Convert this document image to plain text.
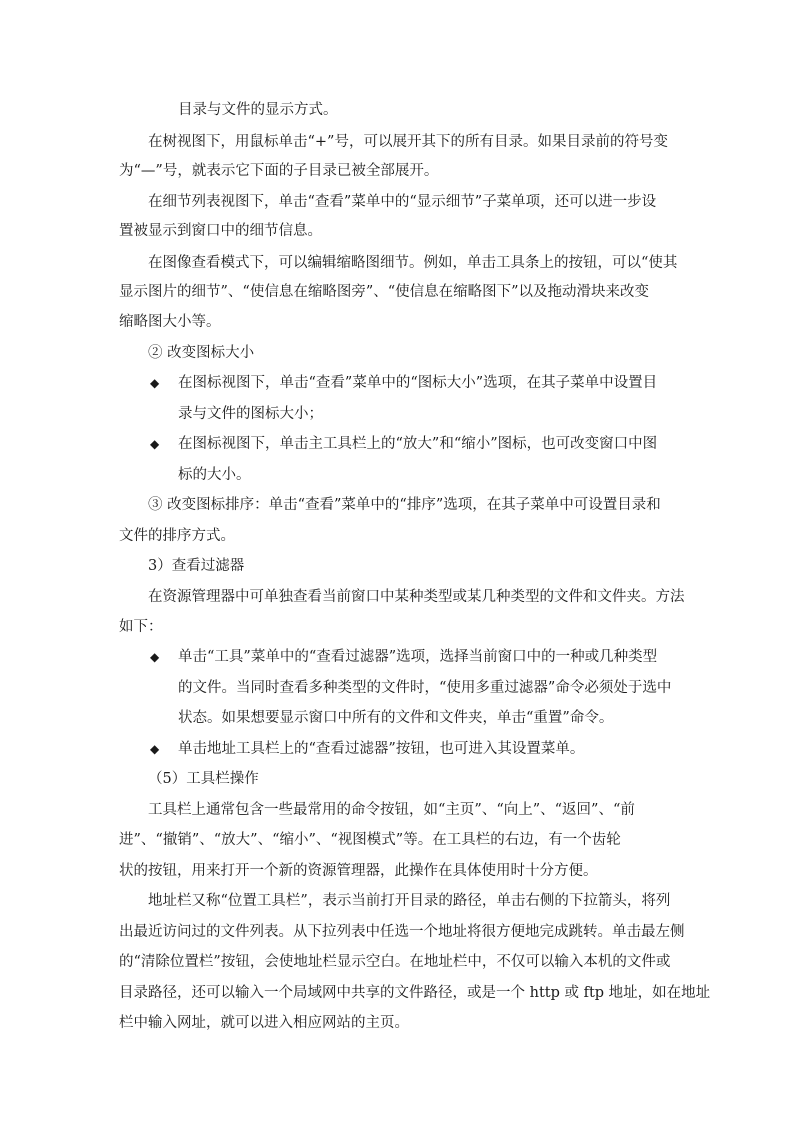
目录与文件的显示方式。
在树视图下，用鼠标单击“+”号，可以展开其下的所有目录。如果目录前的符号变
为“—”号，就表示它下面的子目录已被全部展开。
在细节列表视图下，单击“查看”菜单中的“显示细节”子菜单项，还可以进一步设
置被显示到窗口中的细节信息。
在图像查看模式下，可以编辑缩略图细节。例如，单击工具条上的按钮，可以“使其
显示图片的细节”、“使信息在缩略图旁”、“使信息在缩略图下”以及拖动滑块来改变
缩略图大小等。
② 改变图标大小
◆ 在图标视图下，单击“查看”菜单中的“图标大小”选项，在其子菜单中设置目
录与文件的图标大小；
◆ 在图标视图下，单击主工具栏上的“放大”和“缩小”图标，也可改变窗口中图
标的大小。
③ 改变图标排序：单击“查看”菜单中的“排序”选项，在其子菜单中可设置目录和
文件的排序方式。
3）查看过滤器
在资源管理器中可单独查看当前窗口中某种类型或某几种类型的文件和文件夹。方法
如下：
◆ 单击“工具”菜单中的“查看过滤器”选项，选择当前窗口中的一种或几种类型
的文件。当同时查看多种类型的文件时，“使用多重过滤器”命令必须处于选中
状态。如果想要显示窗口中所有的文件和文件夹，单击“重置”命令。
◆ 单击地址工具栏上的“查看过滤器”按钮，也可进入其设置菜单。
（5）工具栏操作
工具栏上通常包含一些最常用的命令按钮，如“主页”、“向上”、“返回”、“前
进”、“撤销”、“放大”、“缩小”、“视图模式”等。在工具栏的右边，有一个齿轮
状的按钮，用来打开一个新的资源管理器，此操作在具体使用时十分方便。
地址栏又称“位置工具栏”，表示当前打开目录的路径，单击右侧的下拉箭头，将列
出最近访问过的文件列表。从下拉列表中任选一个地址将很方便地完成跳转。单击最左侧
的“清除位置栏”按钮，会使地址栏显示空白。在地址栏中，不仅可以输入本机的文件或
目录路径，还可以输入一个局域网中共享的文件路径，或是一个 http 或 ftp 地址，如在地址
栏中输入网址，就可以进入相应网站的主页。
